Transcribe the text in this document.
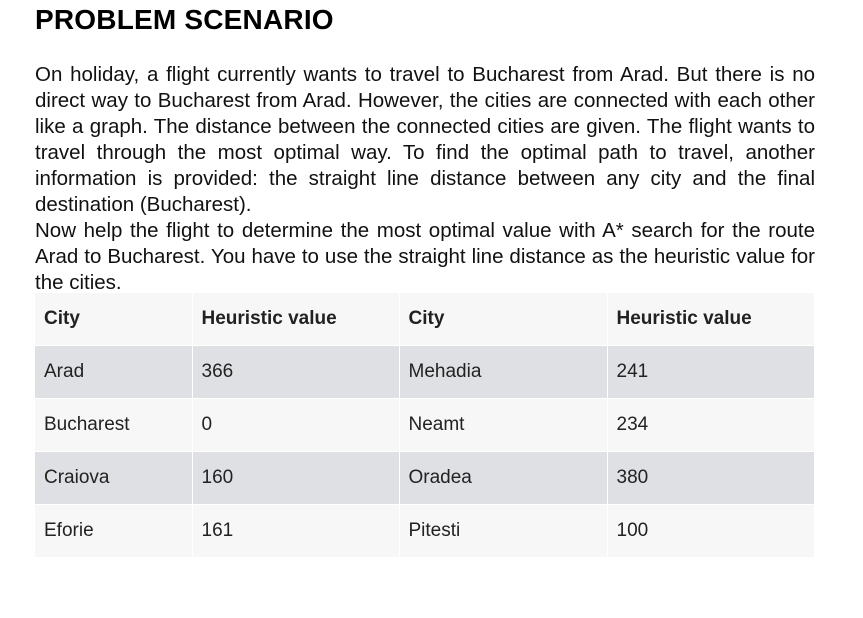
PROBLEM SCENARIO

On holiday, a flight currently wants to travel to Bucharest from Arad. But there is no direct way to Bucharest from Arad. However, the cities are connected with each other like a graph. The distance between the connected cities are given. The flight wants to travel through the most optimal way. To find the optimal path to travel, another information is provided: the straight line distance between any city and the final destination (Bucharest).

Now help the flight to determine the most optimal value with A* search for the route Arad to Bucharest. You have to use the straight line distance as the heuristic value for the cities.

City	Heuristic value	City	Heuristic value
Arad	366	Mehadia	241
Bucharest	0	Neamt	234
Craiova	160	Oradea	380
Eforie	161	Pitesti	100
